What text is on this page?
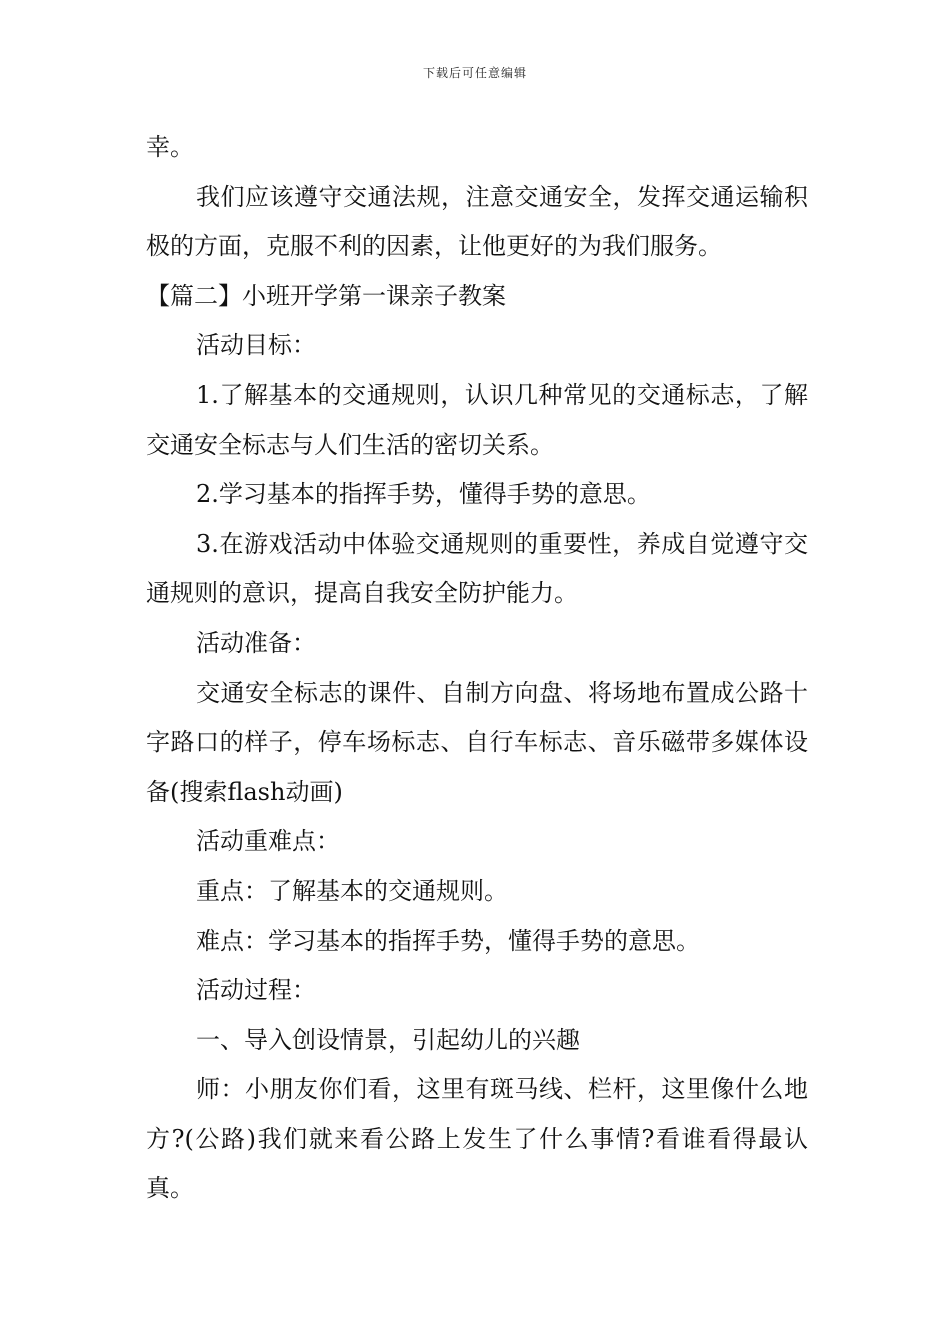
下载后可任意编辑

幸。

我们应该遵守交通法规，注意交通安全，发挥交通运输积极的方面，克服不利的因素，让他更好的为我们服务。

【篇二】小班开学第一课亲子教案

活动目标：

1.了解基本的交通规则，认识几种常见的交通标志，了解交通安全标志与人们生活的密切关系。

2.学习基本的指挥手势，懂得手势的意思。

3.在游戏活动中体验交通规则的重要性，养成自觉遵守交通规则的意识，提高自我安全防护能力。

活动准备：

交通安全标志的课件、自制方向盘、将场地布置成公路十字路口的样子，停车场标志、自行车标志、音乐磁带多媒体设备(搜索flash动画)

活动重难点：

重点：了解基本的交通规则。

难点：学习基本的指挥手势，懂得手势的意思。

活动过程：

一、导入创设情景，引起幼儿的兴趣

师：小朋友你们看，这里有斑马线、栏杆，这里像什么地方?(公路)我们就来看公路上发生了什么事情?看谁看得最认真。
